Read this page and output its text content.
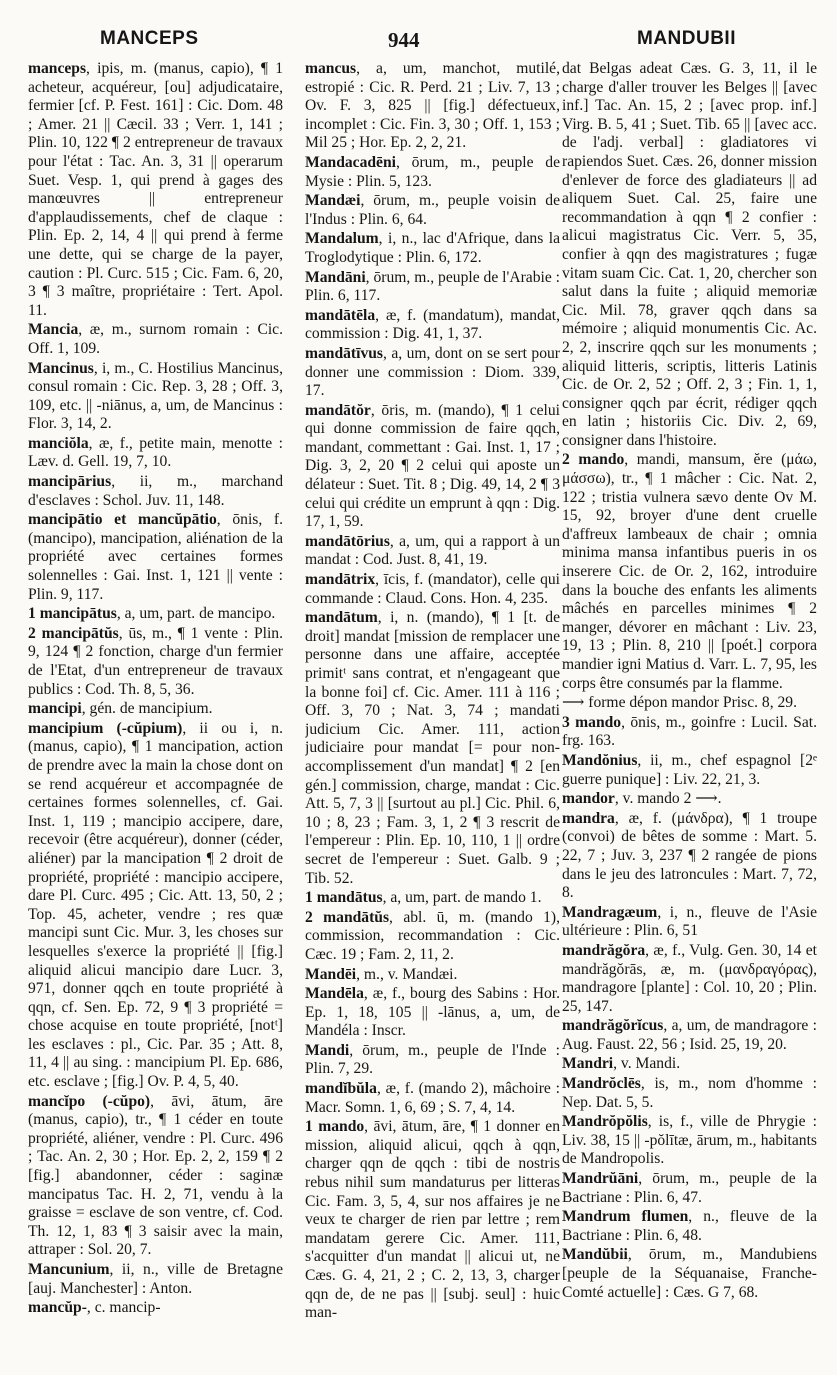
MANCEPS	944	MANDUBII

manceps, ipis, m. (manus, capio), ¶ 1 acheteur, acquéreur, [ou] adjudicataire, fermier [cf. P. Fest. 161] : Cic. Dom. 48 ; Amer. 21 || Cæcil. 33 ; Verr. 1, 141 ; Plin. 10, 122 ¶ 2 entrepreneur de travaux pour l'état : Tac. An. 3, 31 || operarum Suet. Vesp. 1, qui prend à gages des manœuvres || entrepreneur d'applaudissements, chef de claque : Plin. Ep. 2, 14, 4 || qui prend à ferme une dette, qui se charge de la payer, caution : Pl. Curc. 515 ; Cic. Fam. 6, 20, 3 ¶ 3 maître, propriétaire : Tert. Apol. 11.

Mancia, æ, m., surnom romain : Cic. Off. 1, 109.

Mancinus, i, m., C. Hostilius Mancinus, consul romain : Cic. Rep. 3, 28 ; Off. 3, 109, etc. || -niānus, a, um, de Mancinus : Flor. 3, 14, 2.

manciŏla, æ, f., petite main, menotte : Læv. d. Gell. 19, 7, 10.

mancipārius, ii, m., marchand d'esclaves : Schol. Juv. 11, 148.

mancipātio et mancŭpātio, ōnis, f. (mancipo), mancipation, aliénation de la propriété avec certaines formes solennelles : Gai. Inst. 1, 121 || vente : Plin. 9, 117.

1 mancipātus, a, um, part. de mancipo.

2 mancipātŭs, ūs, m., ¶ 1 vente : Plin. 9, 124 ¶ 2 fonction, charge d'un fermier de l'Etat, d'un entrepreneur de travaux publics : Cod. Th. 8, 5, 36.

mancipi, gén. de mancipium.

mancipium (-cŭpium), ii ou i, n. (manus, capio), ¶ 1 mancipation, action de prendre avec la main la chose dont on se rend acquéreur et accompagnée de certaines formes solennelles, cf. Gai. Inst. 1, 119 ; mancipio accipere, dare, recevoir (être acquéreur), donner (céder, aliéner) par la mancipation ¶ 2 droit de propriété, propriété : mancipio accipere, dare Pl. Curc. 495 ; Cic. Att. 13, 50, 2 ; Top. 45, acheter, vendre ; res quæ mancipi sunt Cic. Mur. 3, les choses sur lesquelles s'exerce la propriété || [fig.] aliquid alicui mancipio dare Lucr. 3, 971, donner qqch en toute propriété à qqn, cf. Sen. Ep. 72, 9 ¶ 3 propriété = chose acquise en toute propriété, [notᵗ] les esclaves : pl., Cic. Par. 35 ; Att. 8, 11, 4 || au sing. : mancipium Pl. Ep. 686, etc. esclave ; [fig.] Ov. P. 4, 5, 40.

mancĭpo (-cŭpo), āvi, ātum, āre (manus, capio), tr., ¶ 1 céder en toute propriété, aliéner, vendre : Pl. Curc. 496 ; Tac. An. 2, 30 ; Hor. Ep. 2, 2, 159 ¶ 2 [fig.] abandonner, céder : saginæ mancipatus Tac. H. 2, 71, vendu à la graisse = esclave de son ventre, cf. Cod. Th. 12, 1, 83 ¶ 3 saisir avec la main, attraper : Sol. 20, 7.

Mancunium, ii, n., ville de Bretagne [auj. Manchester] : Anton.

mancŭp-, c. mancip-

mancus, a, um, manchot, mutilé, estropié : Cic. R. Perd. 21 ; Liv. 7, 13 ; Ov. F. 3, 825 || [fig.] défectueux, incomplet : Cic. Fin. 3, 30 ; Off. 1, 153 ; Mil 25 ; Hor. Ep. 2, 2, 21.

Mandacadēni, ōrum, m., peuple de Mysie : Plin. 5, 123.

Mandæi, ōrum, m., peuple voisin de l'Indus : Plin. 6, 64.

Mandalum, i, n., lac d'Afrique, dans la Troglodytique : Plin. 6, 172.

Mandāni, ōrum, m., peuple de l'Arabie : Plin. 6, 117.

mandātēla, æ, f. (mandatum), mandat, commission : Dig. 41, 1, 37.

mandātīvus, a, um, dont on se sert pour donner une commission : Diom. 339, 17.

mandātŏr, ōris, m. (mando), ¶ 1 celui qui donne commission de faire qqch, mandant, commettant : Gai. Inst. 1, 17 ; Dig. 3, 2, 20 ¶ 2 celui qui aposte un délateur : Suet. Tit. 8 ; Dig. 49, 14, 2 ¶ 3 celui qui crédite un emprunt à qqn : Dig. 17, 1, 59.

mandātōrius, a, um, qui a rapport à un mandat : Cod. Just. 8, 41, 19.

mandātrix, īcis, f. (mandator), celle qui commande : Claud. Cons. Hon. 4, 235.

mandātum, i, n. (mando), ¶ 1 [t. de droit] mandat [mission de remplacer une personne dans une affaire, acceptée primitᵗ sans contrat, et n'engageant que la bonne foi] cf. Cic. Amer. 111 à 116 ; Off. 3, 70 ; Nat. 3, 74 ; mandati judicium Cic. Amer. 111, action judiciaire pour mandat [= pour non-accomplissement d'un mandat] ¶ 2 [en gén.] commission, charge, mandat : Cic. Att. 5, 7, 3 || [surtout au pl.] Cic. Phil. 6, 10 ; 8, 23 ; Fam. 3, 1, 2 ¶ 3 rescrit de l'empereur : Plin. Ep. 10, 110, 1 || ordre secret de l'empereur : Suet. Galb. 9 ; Tib. 52.

1 mandātus, a, um, part. de mando 1.

2 mandātŭs, abl. ū, m. (mando 1), commission, recommandation : Cic. Cæc. 19 ; Fam. 2, 11, 2.

Mandēi, m., v. Mandæi.

Mandēla, æ, f., bourg des Sabins : Hor. Ep. 1, 18, 105 || -lānus, a, um, de Mandéla : Inscr.

Mandi, ōrum, m., peuple de l'Inde : Plin. 7, 29.

mandĭbŭla, æ, f. (mando 2), mâchoire : Macr. Somn. 1, 6, 69 ; S. 7, 4, 14.

1 mando, āvi, ātum, āre, ¶ 1 donner en mission, aliquid alicui, qqch à qqn, charger qqn de qqch : tibi de nostris rebus nihil sum mandaturus per litteras Cic. Fam. 3, 5, 4, sur nos affaires je ne veux te charger de rien par lettre ; rem mandatam gerere Cic. Amer. 111, s'acquitter d'un mandat || alicui ut, ne Cæs. G. 4, 21, 2 ; C. 2, 13, 3, charger qqn de, de ne pas || [subj. seul] : huic man-

dat Belgas adeat Cæs. G. 3, 11, il le charge d'aller trouver les Belges || [avec inf.] Tac. An. 15, 2 ; [avec prop. inf.] Virg. B. 5, 41 ; Suet. Tib. 65 || [avec acc. de l'adj. verbal] : gladiatores vi rapiendos Suet. Cæs. 26, donner mission d'enlever de force des gladiateurs || ad aliquem Suet. Cal. 25, faire une recommandation à qqn ¶ 2 confier : alicui magistratus Cic. Verr. 5, 35, confier à qqn des magistratures ; fugæ vitam suam Cic. Cat. 1, 20, chercher son salut dans la fuite ; aliquid memoriæ Cic. Mil. 78, graver qqch dans sa mémoire ; aliquid monumentis Cic. Ac. 2, 2, inscrire qqch sur les monuments ; aliquid litteris, scriptis, litteris Latinis Cic. de Or. 2, 52 ; Off. 2, 3 ; Fin. 1, 1, consigner qqch par écrit, rédiger qqch en latin ; historiis Cic. Div. 2, 69, consigner dans l'histoire.

2 mando, mandi, mansum, ĕre (μάω, μάσσω), tr., ¶ 1 mâcher : Cic. Nat. 2, 122 ; tristia vulnera sævo dente Ov M. 15, 92, broyer d'une dent cruelle d'affreux lambeaux de chair ; omnia minima mansa infantibus pueris in os inserere Cic. de Or. 2, 162, introduire dans la bouche des enfants les aliments mâchés en parcelles minimes ¶ 2 manger, dévorer en mâchant : Liv. 23, 19, 13 ; Plin. 8, 210 || [poét.] corpora mandier igni Matius d. Varr. L. 7, 95, les corps être consumés par la flamme.

⟶ forme dépon mandor Prisc. 8, 29.

3 mando, ōnis, m., goinfre : Lucil. Sat. frg. 163.

Mandŏnius, ii, m., chef espagnol [2ᵉ guerre punique] : Liv. 22, 21, 3.

mandor, v. mando 2 ⟶.

mandra, æ, f. (μάνδρα), ¶ 1 troupe (convoi) de bêtes de somme : Mart. 5. 22, 7 ; Juv. 3, 237 ¶ 2 rangée de pions dans le jeu des latroncules : Mart. 7, 72, 8.

Mandragæum, i, n., fleuve de l'Asie ultérieure : Plin. 6, 51

mandrăgŏra, æ, f., Vulg. Gen. 30, 14 et mandrăgŏrās, æ, m. (μανδραγόρας), mandragore [plante] : Col. 10, 20 ; Plin. 25, 147.

mandrăgŏrĭcus, a, um, de mandragore : Aug. Faust. 22, 56 ; Isid. 25, 19, 20.

Mandri, v. Mandi.

Mandrŏclēs, is, m., nom d'homme : Nep. Dat. 5, 5.

Mandrŏpŏlis, is, f., ville de Phrygie : Liv. 38, 15 || -pŏlītæ, ārum, m., habitants de Mandropolis.

Mandrŭāni, ōrum, m., peuple de la Bactriane : Plin. 6, 47.

Mandrum flumen, n., fleuve de la Bactriane : Plin. 6, 48.

Mandŭbii, ōrum, m., Mandubiens [peuple de la Séquanaise, Franche-Comté actuelle] : Cæs. G 7, 68.
